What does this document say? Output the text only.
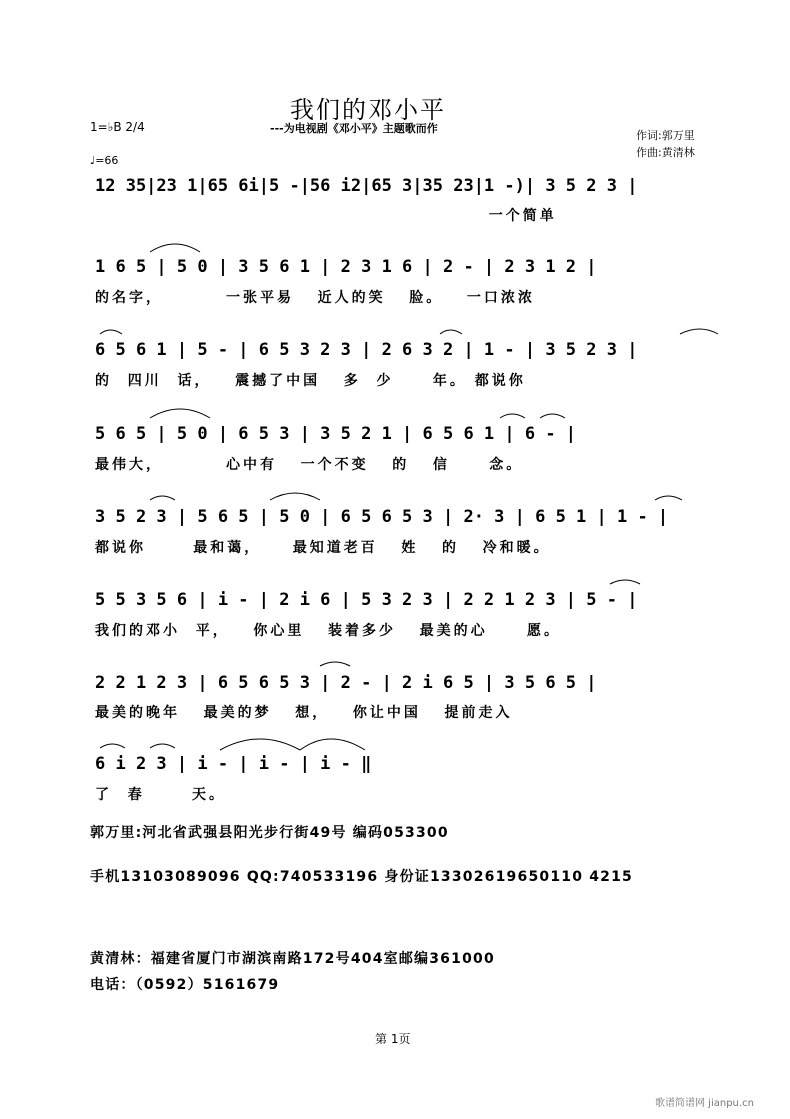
我们的邓小平
---为电视剧《邓小平》主题歌而作
作词:郭万里
作曲:黄清林
1=♭B 2/4
♩=66
12 35|23 1|65 6i|5 -|56 i2|65 3|35 23|1 -)| 3 5 2 3 |
一个简单
1 6 5 | 5 0 | 3 5 6 1 | 2 3 1 6 | 2 - | 2 3 1 2 |
的名字，        一张平易   近人的笑   脸。   一口浓浓
6 5 6 1 | 5 - | 6 5 3 2 3 | 2 6 3 2 | 1 - | 3 5 2 3 |
的  四川  话，   震撼了中国   多  少     年。 都说你
5 6 5 | 5 0 | 6 5 3 | 3 5 2 1 | 6 5 6 1 | 6 - |
最伟大，        心中有   一个不变   的   信     念。
3 5 2 3 | 5 6 5 | 5 0 | 6 5 6 5 3 | 2· 3 | 6 5 1 | 1 - |
都说你      最和蔼，    最知道老百   姓   的   冷和暖。
5 5 3 5 6 | i - | 2 i 6 | 5 3 2 3 | 2 2 1 2 3 | 5 - |
我们的邓小  平，   你心里   装着多少   最美的心     愿。
2 2 1 2 3 | 6 5 6 5 3 | 2 - | 2 i 6 5 | 3 5 6 5 |
最美的晚年   最美的梦   想，   你让中国   提前走入
6 i 2 3 | i - | i - | i - ‖
了  春      天。
郭万里:河北省武强县阳光步行街49号 编码053300
手机13103089096 QQ:740533196 身份证13302619650110 4215
黄清林：福建省厦门市湖滨南路172号404室邮编361000
电话：（0592）5161679
第 1页
歌谱简谱网 jianpu.cn
